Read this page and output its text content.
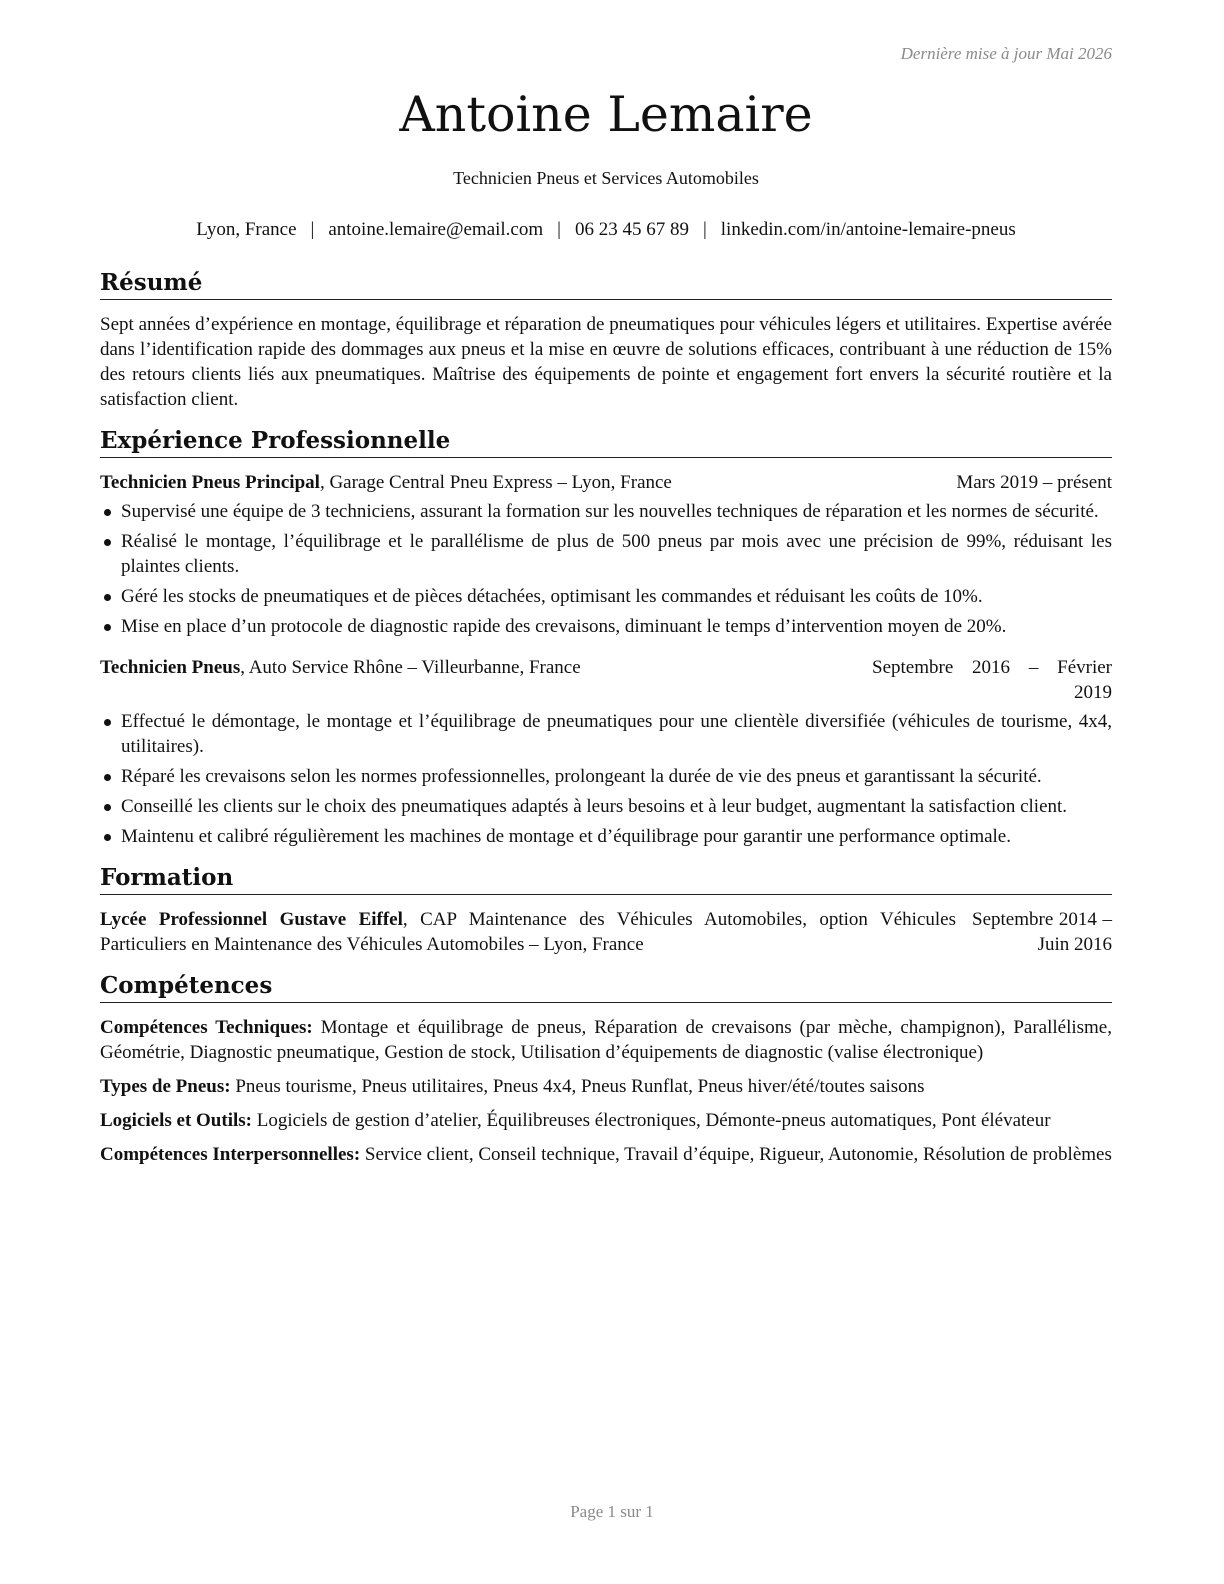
Dernière mise à jour Mai 2026
Antoine Lemaire
Technicien Pneus et Services Automobiles
Lyon, France | antoine.lemaire@email.com | 06 23 45 67 89 | linkedin.com/in/antoine-lemaire-pneus
Résumé

Sept années d’expérience en montage, équilibrage et réparation de pneumatiques pour véhicules légers et utilitaires. Expertise avérée dans l’identification rapide des dommages aux pneus et la mise en œuvre de solutions efficaces, contribuant à une réduction de 15% des retours clients liés aux pneumatiques. Maîtrise des équipements de pointe et engagement fort envers la sécurité routière et la satisfaction client.

Expérience Professionnelle
Technicien Pneus Principal, Garage Central Pneu Express – Lyon, France	Mars 2019 – présent
Supervisé une équipe de 3 techniciens, assurant la formation sur les nouvelles techniques de réparation et les normes de sécurité.
Réalisé le montage, l’équilibrage et le parallélisme de plus de 500 pneus par mois avec une précision de 99%, réduisant les plaintes clients.
Géré les stocks de pneumatiques et de pièces détachées, optimisant les commandes et réduisant les coûts de 10%.
Mise en place d’un protocole de diagnostic rapide des crevaisons, diminuant le temps d’intervention moyen de 20%.
Technicien Pneus, Auto Service Rhône – Villeurbanne, France	Septembre 2016 – Février 2019
Effectué le démontage, le montage et l’équilibrage de pneumatiques pour une clientèle diversifiée (véhicules de tourisme, 4x4, utilitaires).
Réparé les crevaisons selon les normes professionnelles, prolongeant la durée de vie des pneus et garantissant la sécurité.
Conseillé les clients sur le choix des pneumatiques adaptés à leurs besoins et à leur budget, augmentant la satisfaction client.
Maintenu et calibré régulièrement les machines de montage et d’équilibrage pour garantir une performance optimale.
Formation
Lycée Professionnel Gustave Eiffel, CAP Maintenance des Véhicules Automobiles, option Véhicules Particuliers en Maintenance des Véhicules Automobiles – Lyon, France
Septembre 2014 – Juin 2016
Compétences
Compétences Techniques: Montage et équilibrage de pneus, Réparation de crevaisons (par mèche, champignon), Parallélisme, Géométrie, Diagnostic pneumatique, Gestion de stock, Utilisation d’équipements de diagnostic (valise électronique)
Types de Pneus: Pneus tourisme, Pneus utilitaires, Pneus 4x4, Pneus Runflat, Pneus hiver/été/toutes saisons
Logiciels et Outils: Logiciels de gestion d’atelier, Équilibreuses électroniques, Démonte-pneus automatiques, Pont élévateur
Compétences Interpersonnelles: Service client, Conseil technique, Travail d’équipe, Rigueur, Autonomie, Résolution de problèmes
Page 1 sur 1
